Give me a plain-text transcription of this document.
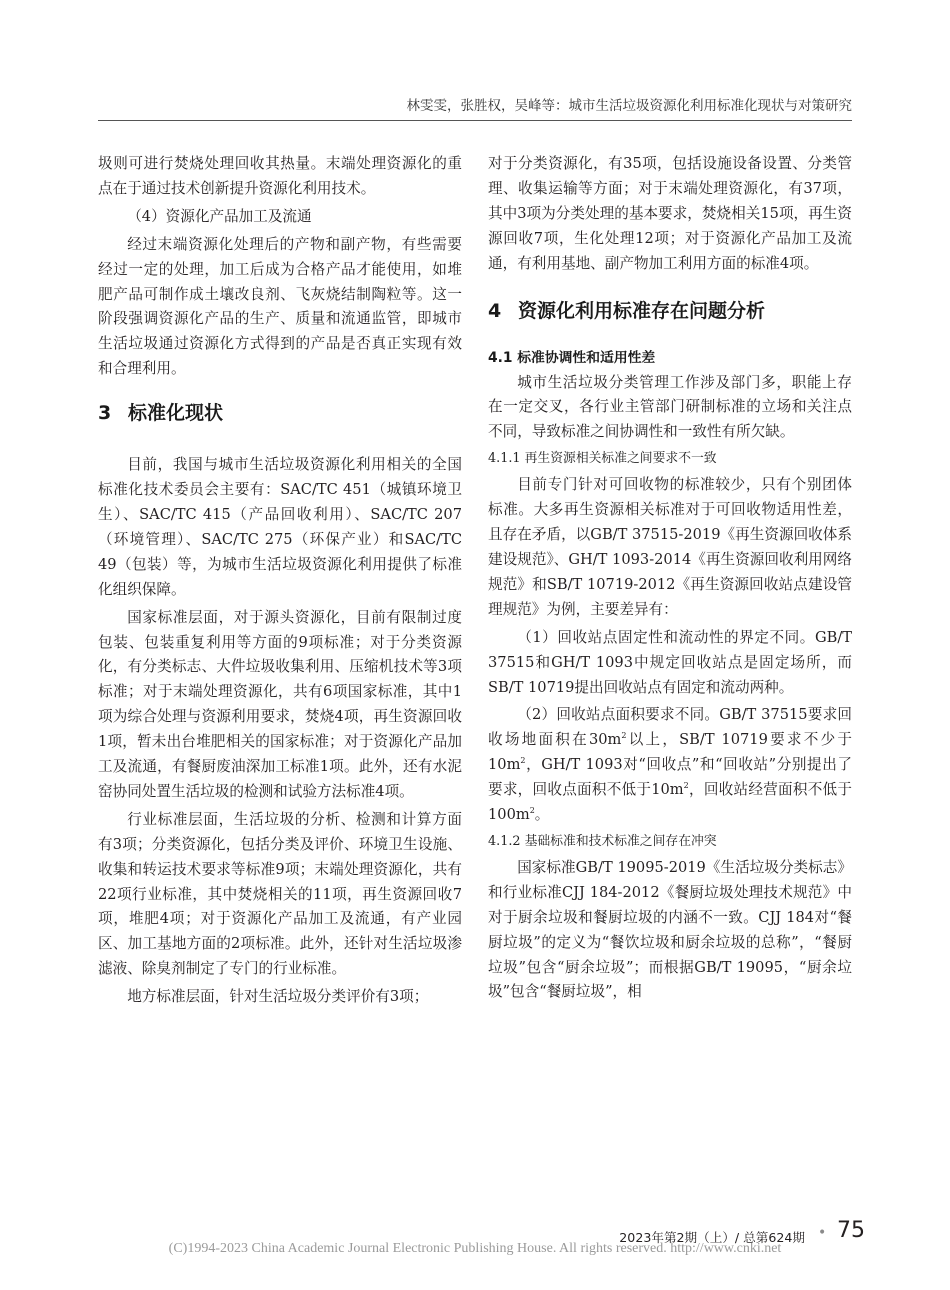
林雯雯，张胜权，吴峰等：城市生活垃圾资源化利用标准化现状与对策研究

圾则可进行焚烧处理回收其热量。末端处理资源化的重点在于通过技术创新提升资源化利用技术。

（4）资源化产品加工及流通

经过末端资源化处理后的产物和副产物，有些需要经过一定的处理，加工后成为合格产品才能使用，如堆肥产品可制作成土壤改良剂、飞灰烧结制陶粒等。这一阶段强调资源化产品的生产、质量和流通监管，即城市生活垃圾通过资源化方式得到的产品是否真正实现有效和合理利用。

3 标准化现状

目前，我国与城市生活垃圾资源化利用相关的全国标准化技术委员会主要有：SAC/TC 451（城镇环境卫生）、SAC/TC 415（产品回收利用）、SAC/TC 207（环境管理）、SAC/TC 275（环保产业）和SAC/TC 49（包装）等，为城市生活垃圾资源化利用提供了标准化组织保障。

国家标准层面，对于源头资源化，目前有限制过度包装、包装重复利用等方面的9项标准；对于分类资源化，有分类标志、大件垃圾收集利用、压缩机技术等3项标准；对于末端处理资源化，共有6项国家标准，其中1项为综合处理与资源利用要求，焚烧4项，再生资源回收1项，暂未出台堆肥相关的国家标准；对于资源化产品加工及流通，有餐厨废油深加工标准1项。此外，还有水泥窑协同处置生活垃圾的检测和试验方法标准4项。

行业标准层面，生活垃圾的分析、检测和计算方面有3项；分类资源化，包括分类及评价、环境卫生设施、收集和转运技术要求等标准9项；末端处理资源化，共有22项行业标准，其中焚烧相关的11项，再生资源回收7项，堆肥4项；对于资源化产品加工及流通，有产业园区、加工基地方面的2项标准。此外，还针对生活垃圾渗滤液、除臭剂制定了专门的行业标准。

地方标准层面，针对生活垃圾分类评价有3项；

对于分类资源化，有35项，包括设施设备设置、分类管理、收集运输等方面；对于末端处理资源化，有37项，其中3项为分类处理的基本要求，焚烧相关15项，再生资源回收7项，生化处理12项；对于资源化产品加工及流通，有利用基地、副产物加工利用方面的标准4项。

4 资源化利用标准存在问题分析
4.1 标准协调性和适用性差

城市生活垃圾分类管理工作涉及部门多，职能上存在一定交叉，各行业主管部门研制标准的立场和关注点不同，导致标准之间协调性和一致性有所欠缺。

4.1.1 再生资源相关标准之间要求不一致

目前专门针对可回收物的标准较少，只有个别团体标准。大多再生资源相关标准对于可回收物适用性差，且存在矛盾，以GB/T 37515-2019《再生资源回收体系建设规范》、GH/T 1093-2014《再生资源回收利用网络规范》和SB/T 10719-2012《再生资源回收站点建设管理规范》为例，主要差异有：

（1）回收站点固定性和流动性的界定不同。GB/T 37515和GH/T 1093中规定回收站点是固定场所，而SB/T 10719提出回收站点有固定和流动两种。

（2）回收站点面积要求不同。GB/T 37515要求回收场地面积在$30m^2$以上，SB/T 10719要求不少于$10m^2$，GH/T 1093对“回收点”和“回收站”分别提出了要求，回收点面积不低于$10m^2$，回收站经营面积不低于$100m^2$。

4.1.2 基础标准和技术标准之间存在冲突

国家标准GB/T 19095-2019《生活垃圾分类标志》和行业标准CJJ 184-2012《餐厨垃圾处理技术规范》中对于厨余垃圾和餐厨垃圾的内涵不一致。CJJ 184对“餐厨垃圾”的定义为“餐饮垃圾和厨余垃圾的总称”，“餐厨垃圾”包含“厨余垃圾”；而根据GB/T 19095，“厨余垃圾”包含“餐厨垃圾”，相

2023年第2期（上）/ 总第624期 • 75
(C)1994-2023 China Academic Journal Electronic Publishing House. All rights reserved. http://www.cnki.net
